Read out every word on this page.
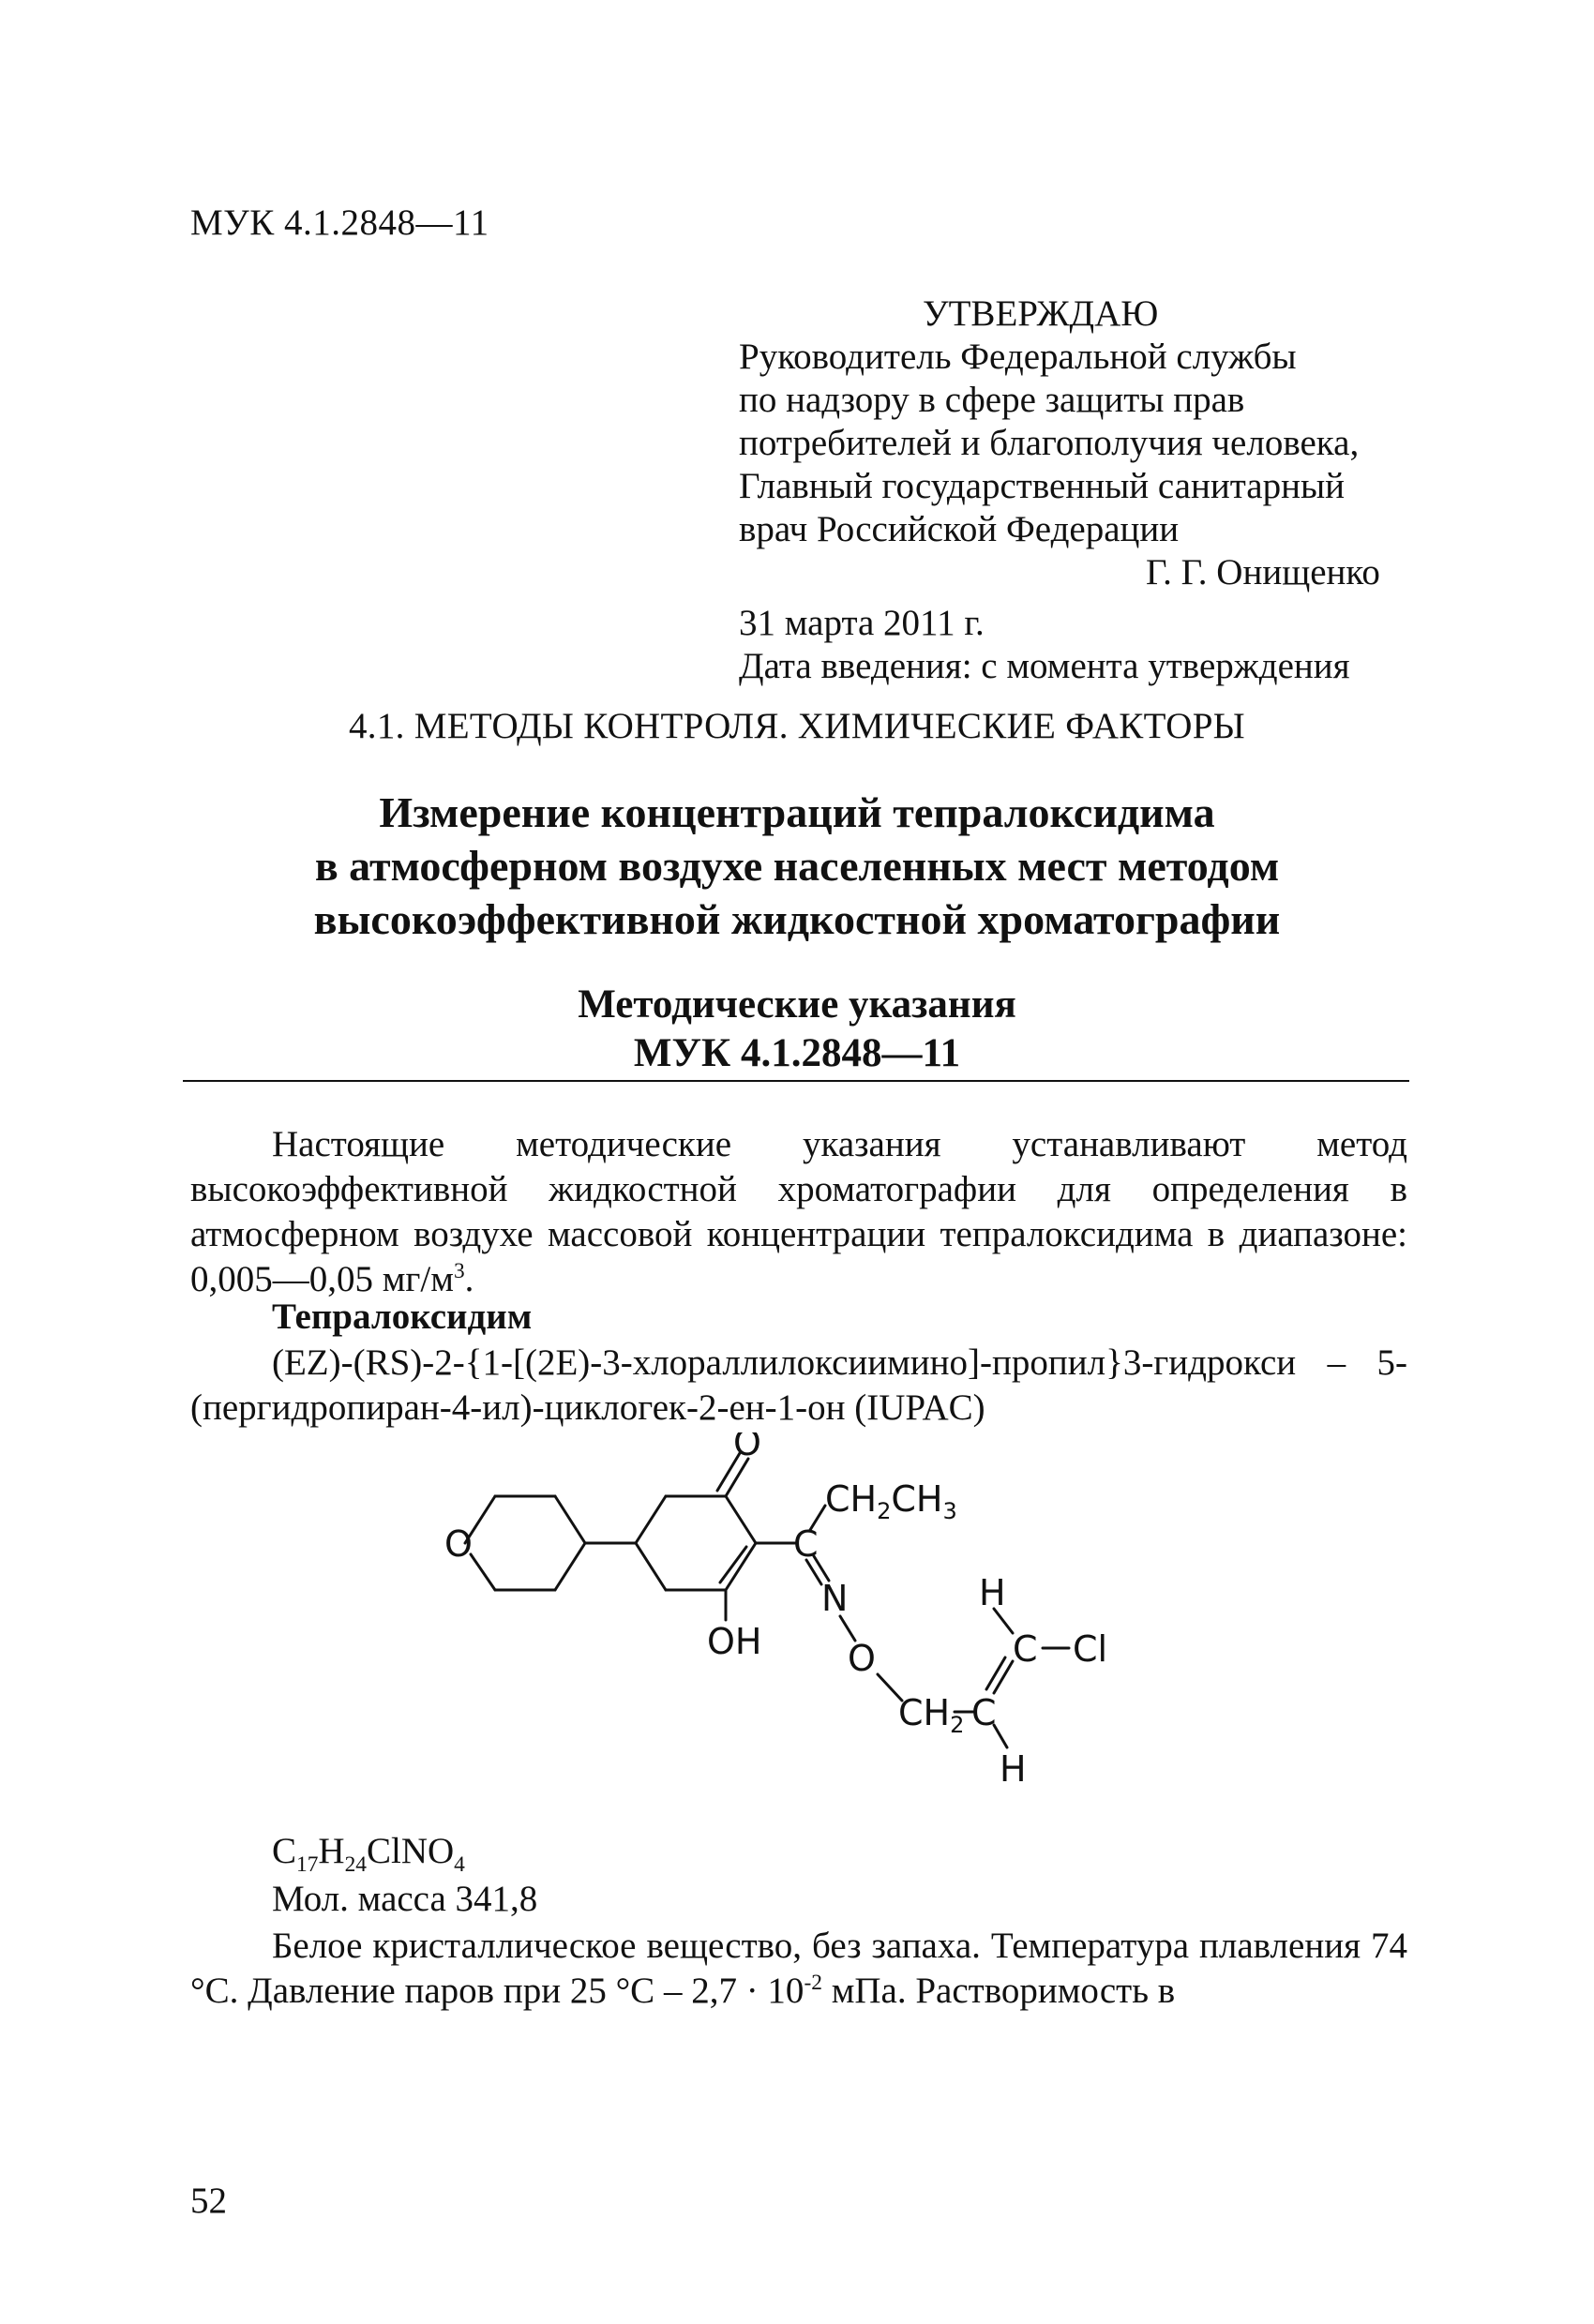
МУК 4.1.2848—11
УТВЕРЖДАЮ
Руководитель Федеральной службы
по надзору в сфере защиты прав
потребителей и благополучия человека,
Главный государственный санитарный
врач Российской Федерации
Г. Г. Онищенко
31 марта 2011 г.
Дата введения: с момента утверждения
4.1. МЕТОДЫ КОНТРОЛЯ. ХИМИЧЕСКИЕ ФАКТОРЫ
Измерение концентраций тепралоксидима
в атмосферном воздухе населенных мест методом
высокоэффективной жидкостной хроматографии
Методические указания
МУК 4.1.2848—11
Настоящие методические указания устанавливают метод высокоэффективной жидкостной хроматографии для определения в атмосферном воздухе массовой концентрации тепралоксидима в диапазоне: 0,005—0,05 $мг/м^3$.
Тепралоксидим
(EZ)-(RS)-2-{1-[(2E)-3-хлораллилоксиимино]-пропил}3-гидрокси – 5-(пергидропиран-4-ил)-циклогек-2-ен-1-он (IUPAC)
O
O	C
$CH_2CH_3$
N
OH O
$CH_2$ C
C Cl
H
H
$C_{17}H_{24}ClNO_4$
Мол. масса 341,8
Белое кристаллическое вещество, без запаха. Температура плавления 74 °С. Давление паров при 25 $^\circ С - 2,7 \cdot 10^{-2}$ мПа. Растворимость в
52
